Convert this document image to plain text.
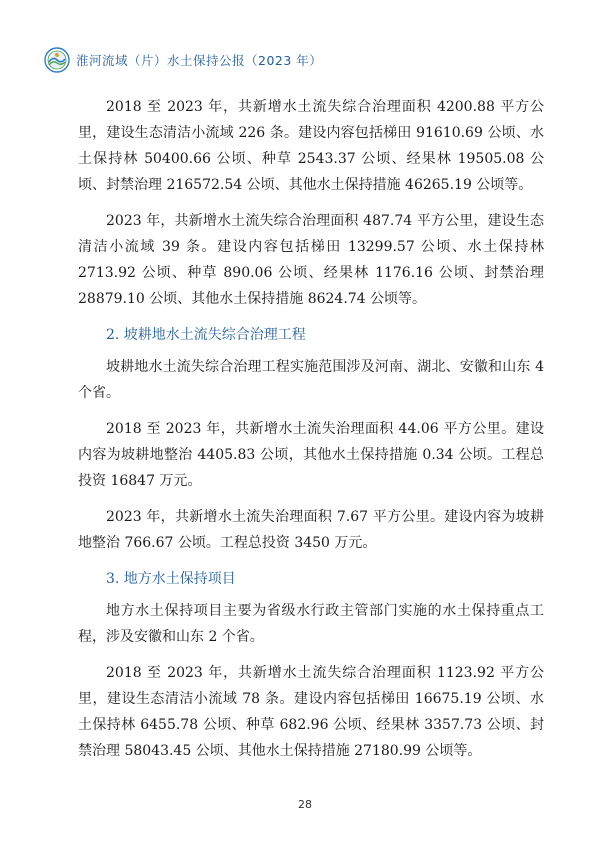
淮河流域（片）水土保持公报（2023 年）

2018 至 2023 年，共新增水土流失综合治理面积 4200.88 平方公里，建设生态清洁小流域 226 条。建设内容包括梯田 91610.69 公顷、水土保持林 50400.66 公顷、种草 2543.37 公顷、经果林 19505.08 公顷、封禁治理 216572.54 公顷、其他水土保持措施 46265.19 公顷等。

2023 年，共新增水土流失综合治理面积 487.74 平方公里，建设生态清洁小流域 39 条。建设内容包括梯田 13299.57 公顷、水土保持林 2713.92 公顷、种草 890.06 公顷、经果林 1176.16 公顷、封禁治理 28879.10 公顷、其他水土保持措施 8624.74 公顷等。

2. 坡耕地水土流失综合治理工程

坡耕地水土流失综合治理工程实施范围涉及河南、湖北、安徽和山东 4 个省。

2018 至 2023 年，共新增水土流失治理面积 44.06 平方公里。建设内容为坡耕地整治 4405.83 公顷，其他水土保持措施 0.34 公顷。工程总投资 16847 万元。

2023 年，共新增水土流失治理面积 7.67 平方公里。建设内容为坡耕地整治 766.67 公顷。工程总投资 3450 万元。

3. 地方水土保持项目

地方水土保持项目主要为省级水行政主管部门实施的水土保持重点工程，涉及安徽和山东 2 个省。

2018 至 2023 年，共新增水土流失综合治理面积 1123.92 平方公里，建设生态清洁小流域 78 条。建设内容包括梯田 16675.19 公顷、水土保持林 6455.78 公顷、种草 682.96 公顷、经果林 3357.73 公顷、封禁治理 58043.45 公顷、其他水土保持措施 27180.99 公顷等。

28
